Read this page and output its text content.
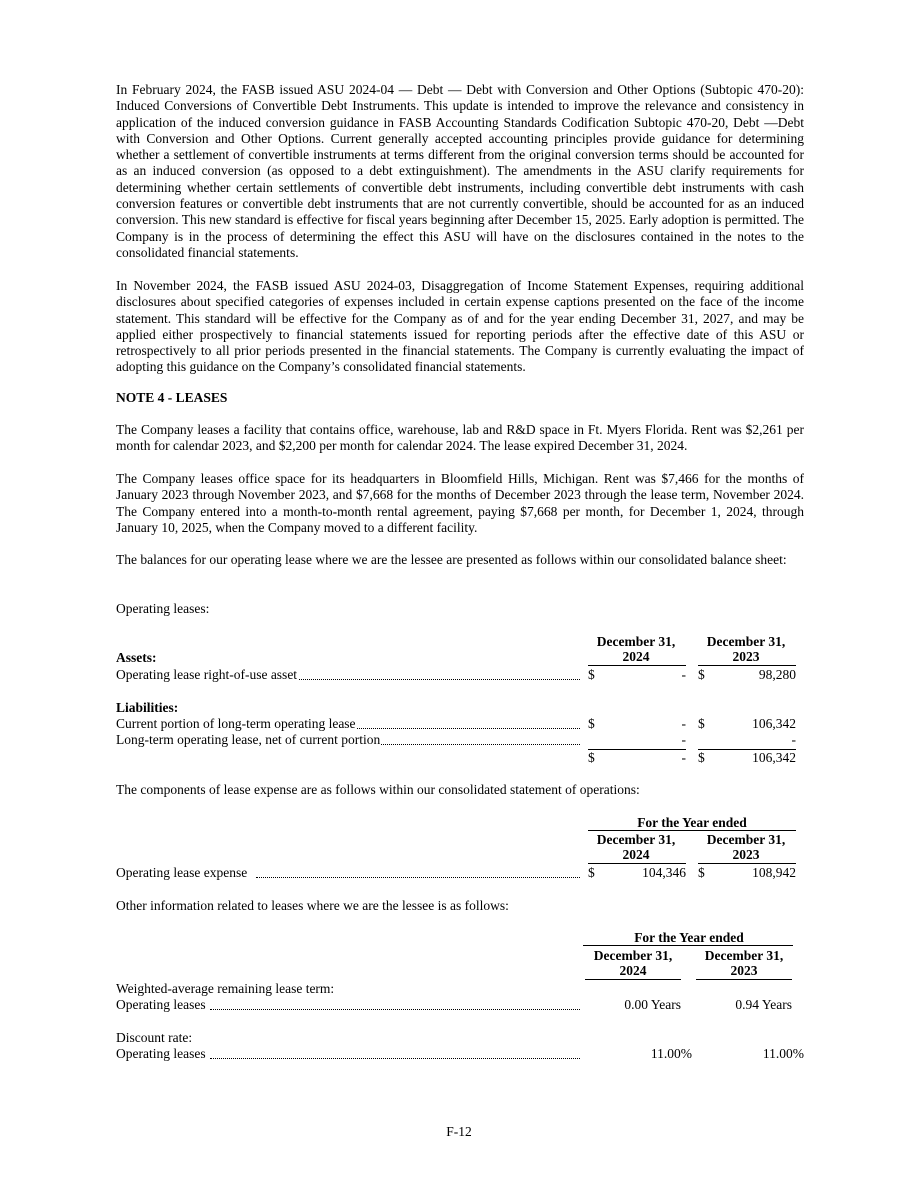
In February 2024, the FASB issued ASU 2024-04 — Debt — Debt with Conversion and Other Options (Subtopic 470-20): Induced Conversions of Convertible Debt Instruments. This update is intended to improve the relevance and consistency in application of the induced conversion guidance in FASB Accounting Standards Codification Subtopic 470-20, Debt —Debt with Conversion and Other Options. Current generally accepted accounting principles provide guidance for determining whether a settlement of convertible instruments at terms different from the original conversion terms should be accounted for as an induced conversion (as opposed to a debt extinguishment). The amendments in the ASU clarify requirements for determining whether certain settlements of convertible debt instruments, including convertible debt instruments with cash conversion features or convertible debt instruments that are not currently convertible, should be accounted for as an induced conversion. This new standard is effective for fiscal years beginning after December 15, 2025. Early adoption is permitted. The Company is in the process of determining the effect this ASU will have on the disclosures contained in the notes to the consolidated financial statements.

In November 2024, the FASB issued ASU 2024-03, Disaggregation of Income Statement Expenses, requiring additional disclosures about specified categories of expenses included in certain expense captions presented on the face of the income statement. This standard will be effective for the Company as of and for the year ending December 31, 2027, and may be applied either prospectively to financial statements issued for reporting periods after the effective date of this ASU or retrospectively to all prior periods presented in the financial statements. The Company is currently evaluating the impact of adopting this guidance on the Company’s consolidated financial statements.

NOTE 4 - LEASES

The Company leases a facility that contains office, warehouse, lab and R&D space in Ft. Myers Florida. Rent was $2,261 per month for calendar 2023, and $2,200 per month for calendar 2024. The lease expired December 31, 2024.

The Company leases office space for its headquarters in Bloomfield Hills, Michigan. Rent was $7,466 for the months of January 2023 through November 2023, and $7,668 for the months of December 2023 through the lease term, November 2024. The Company entered into a month-to-month rental agreement, paying $7,668 per month, for December 1, 2024, through January 10, 2025, when the Company moved to a different facility.

The balances for our operating lease where we are the lessee are presented as follows within our consolidated balance sheet:

Operating leases:
December 31,
2024
December 31,
2023
Assets:
Operating lease right-of-use asset	$	- $	98,280
Liabilities:
Current portion of long-term operating lease	$	- $	106,342
Long-term operating lease, net of current portion	-	-
$	- $	106,342

The components of lease expense are as follows within our consolidated statement of operations:

For the Year ended
December 31,
2024
December 31,
2023
Operating lease expense	$	104,346 $	108,942

Other information related to leases where we are the lessee is as follows:

For the Year ended
December 31,
2024
December 31,
2023
Weighted-average remaining lease term:
Operating leases	0.00 Years	0.94 Years
Discount rate:
Operating leases	11.00%	11.00%
F-12
